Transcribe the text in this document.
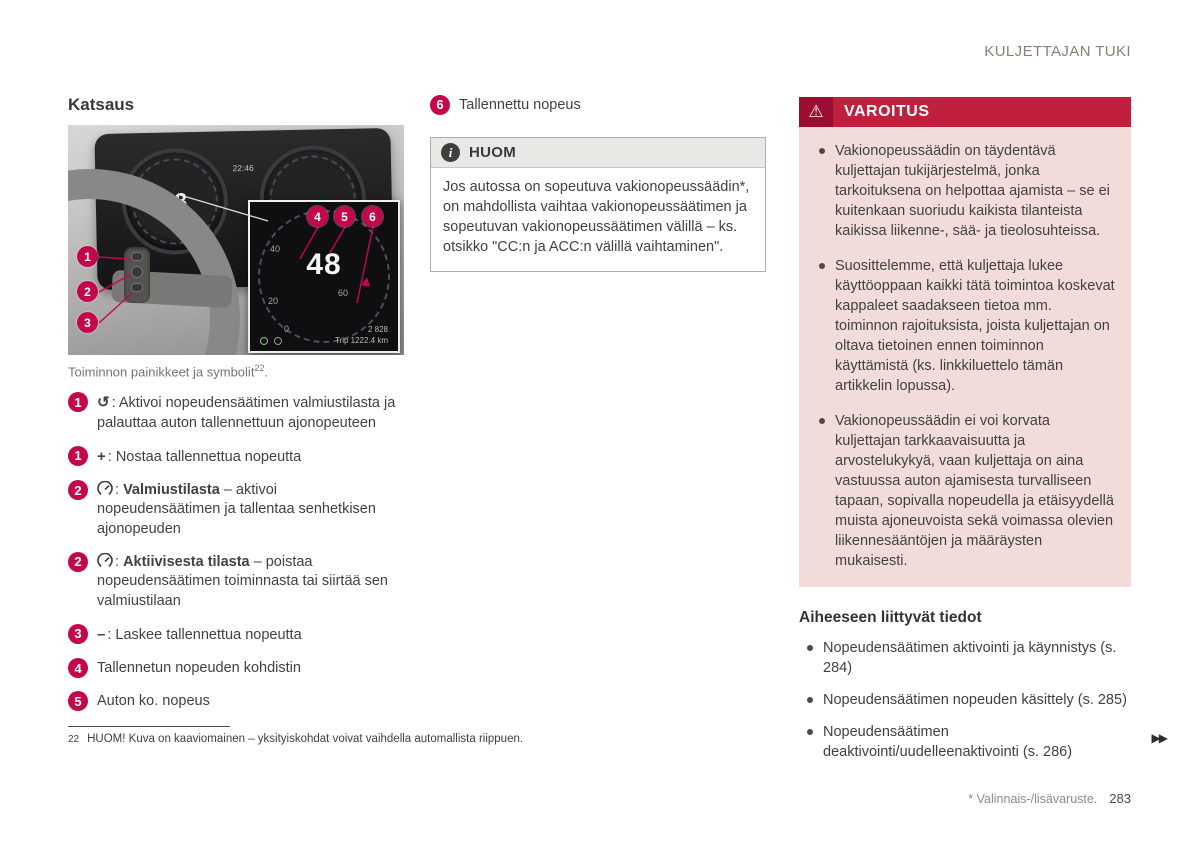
KULJETTAJAN TUKI
Katsaus
48
22:46
40
60
20
0
48
2 828
Trip 1222.4 km
1
2
3
4	5	6
Toiminnon painikkeet ja symbolit$^{22}$.
1	↺ : Aktivoi nopeudensäätimen valmiustilasta ja palauttaa auton tallennettuun ajonopeuteen
1	+ : Nostaa tallennettua nopeutta
2	: Valmiustilasta – aktivoi nopeudensäätimen ja tallentaa senhetkisen ajonopeuden
2	: Aktiivisesta tilasta – poistaa nopeudensäätimen toiminnasta tai siirtää sen valmiustilaan
3	– : Laskee tallennettua nopeutta
4	Tallennetun nopeuden kohdistin
5	Auton ko. nopeus
6	Tallennettu nopeus
i	HUOM
Jos autossa on sopeutuva vakionopeussäädin*, on mahdollista vaihtaa vakionopeussäätimen ja sopeutuvan vakionopeussäätimen välillä – ks. otsikko "CC:n ja ACC:n välillä vaihtaminen".
⚠	VAROITUS
Vakionopeussäädin on täydentävä kuljettajan tukijärjestelmä, jonka tarkoituksena on helpottaa ajamista – se ei kuitenkaan suoriudu kaikista tilanteista kaikissa liikenne-, sää- ja tieolosuhteissa.
Suosittelemme, että kuljettaja lukee käyttöoppaan kaikki tätä toimintoa koskevat kappaleet saadakseen tietoa mm. toiminnon rajoituksista, joista kuljettajan on oltava tietoinen ennen toiminnon käyttämistä (ks. linkkiluettelo tämän artikkelin lopussa).
Vakionopeussäädin ei voi korvata kuljettajan tarkkaavaisuutta ja arvostelukykyä, vaan kuljettaja on aina vastuussa auton ajamisesta turvalliseen tapaan, sopivalla nopeudella ja etäisyydellä muista ajoneuvoista sekä voimassa olevien liikennesääntöjen ja määräysten mukaisesti.
Aiheeseen liittyvät tiedot
Nopeudensäätimen aktivointi ja käynnistys (s. 284)
Nopeudensäätimen nopeuden käsittely (s. 285)
Nopeudensäätimen deaktivointi/uudelleenaktivointi (s. 286)
22 HUOM! Kuva on kaaviomainen – yksityiskohdat voivat vaihdella automallista riippuen.	▶▶
* Valinnais-/lisävaruste. 283
